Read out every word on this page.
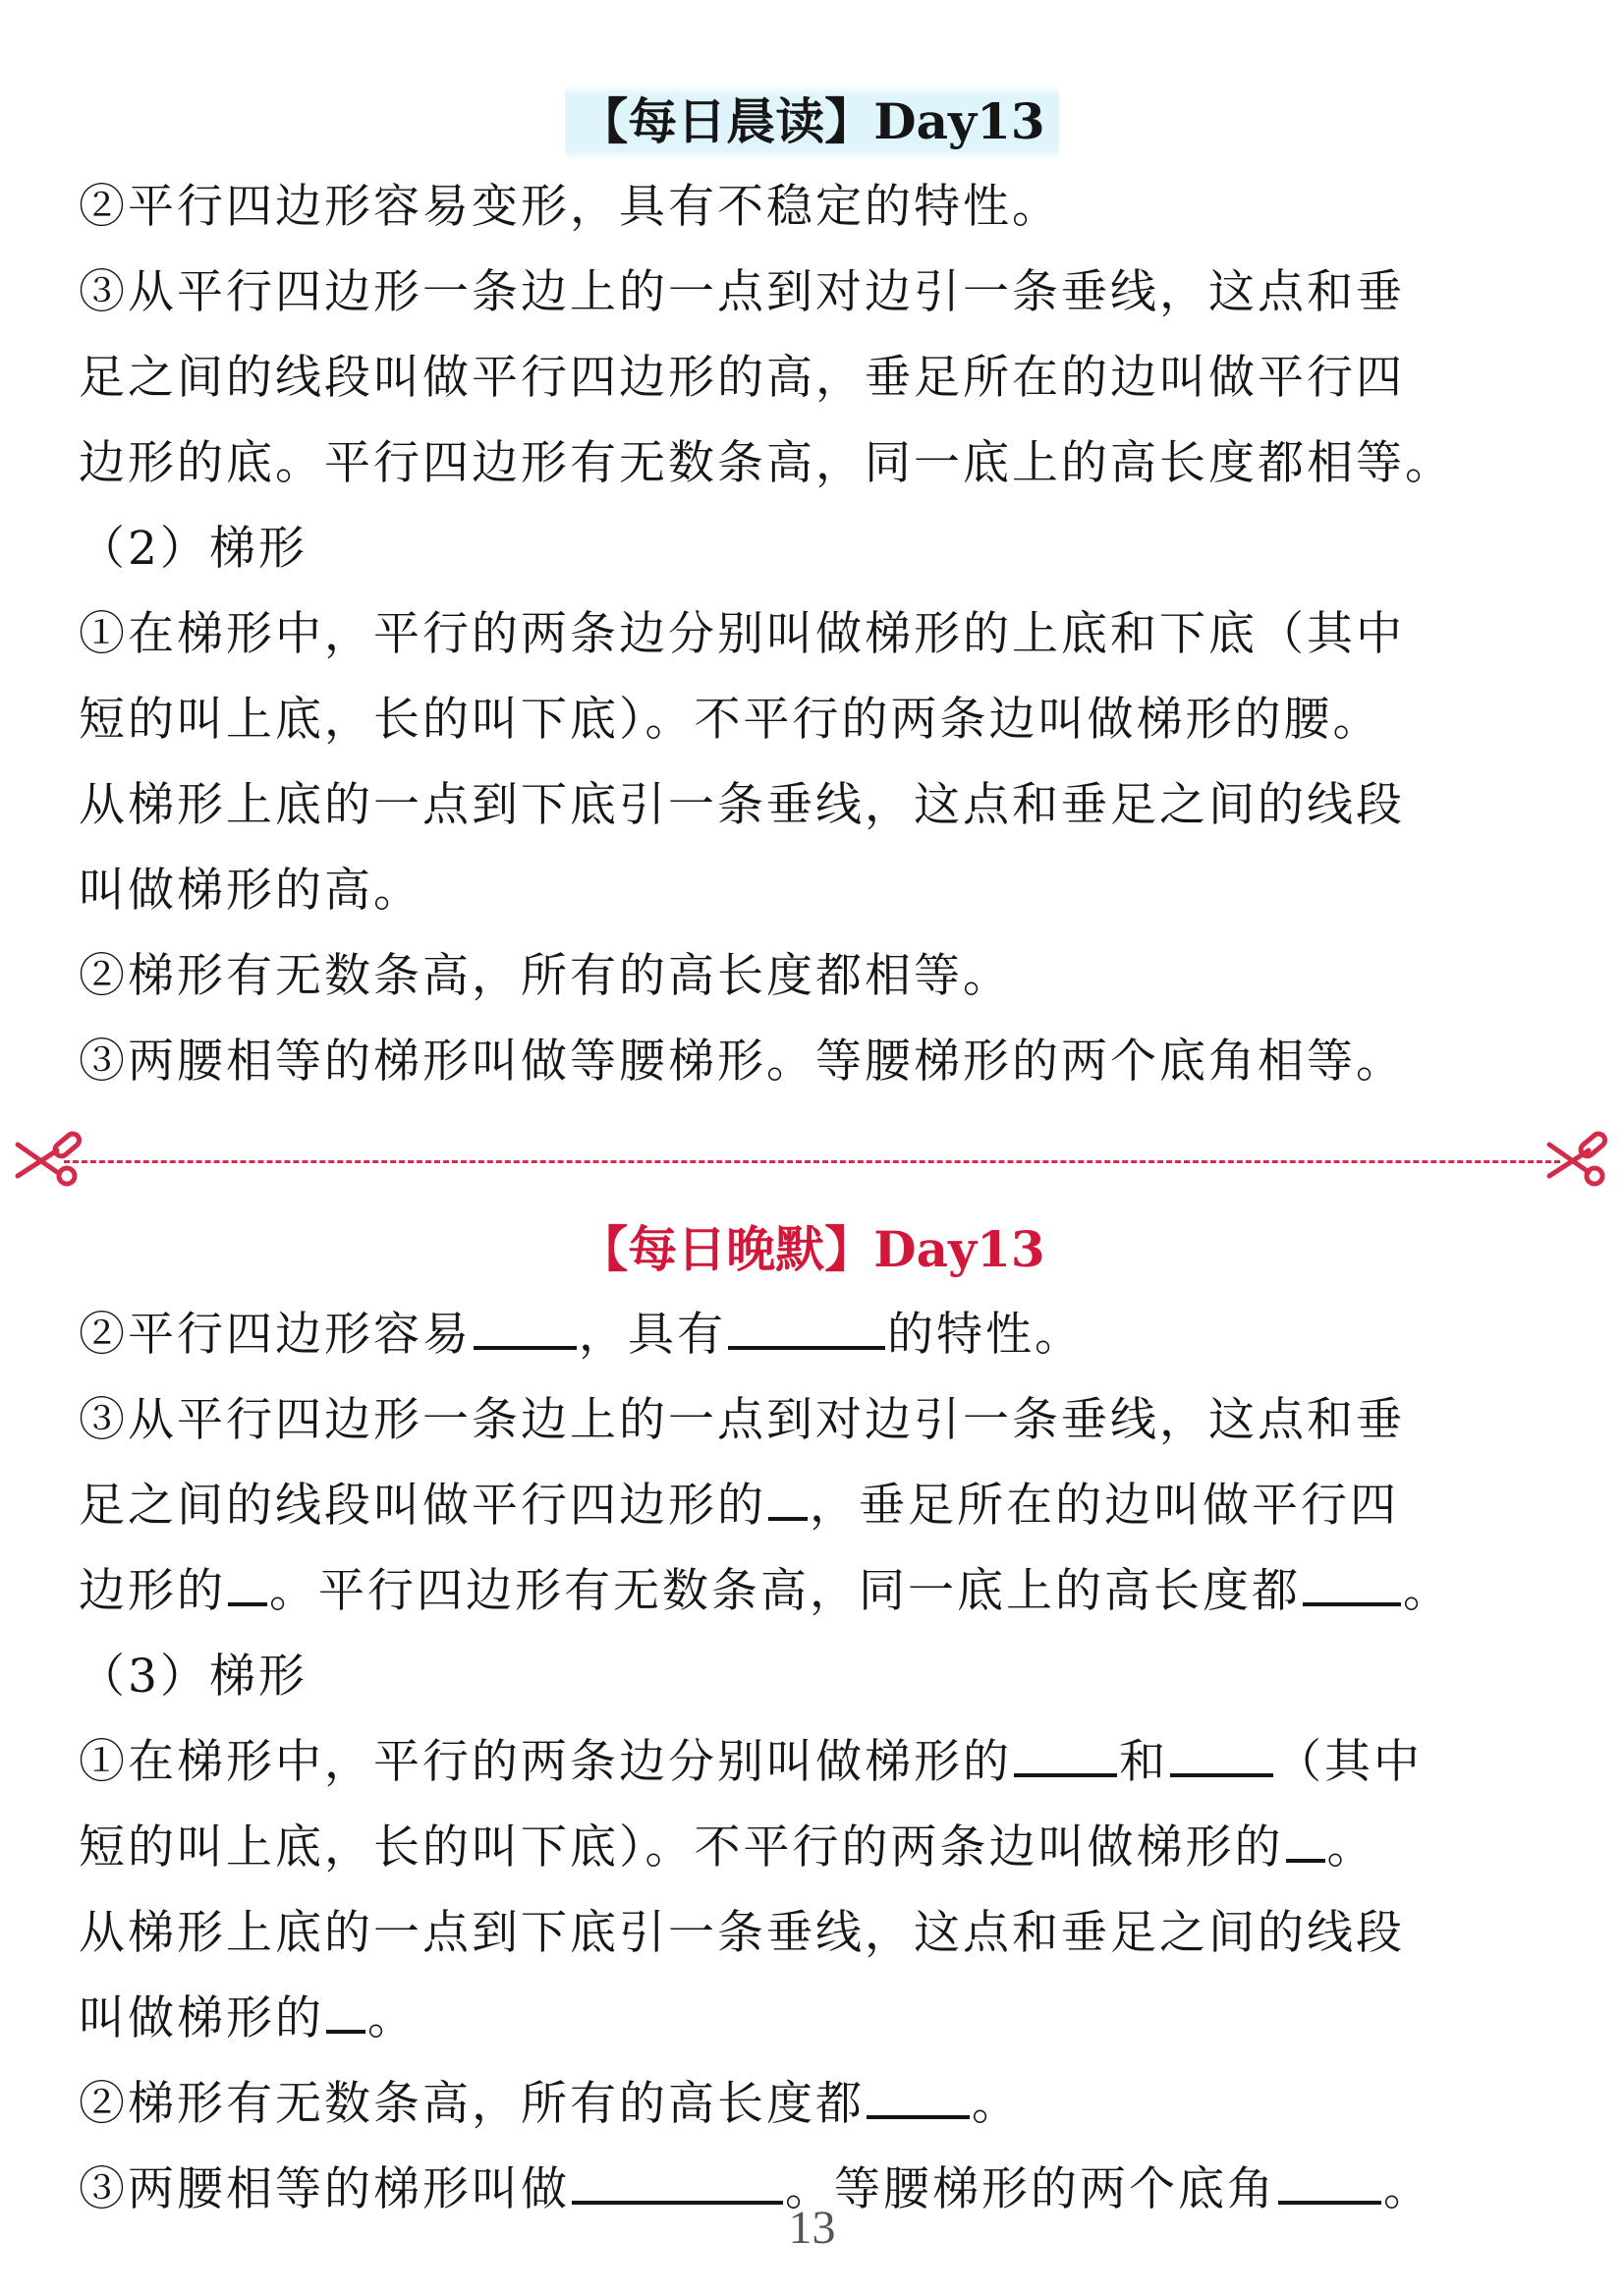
【每日晨读】Day13
②平行四边形容易变形，具有不稳定的特性。
③从平行四边形一条边上的一点到对边引一条垂线，这点和垂
足之间的线段叫做平行四边形的高，垂足所在的边叫做平行四
边形的底。平行四边形有无数条高，同一底上的高长度都相等。
（2）梯形
①在梯形中，平行的两条边分别叫做梯形的上底和下底（其中
短的叫上底，长的叫下底）。不平行的两条边叫做梯形的腰。
从梯形上底的一点到下底引一条垂线，这点和垂足之间的线段
叫做梯形的高。
②梯形有无数条高，所有的高长度都相等。
③两腰相等的梯形叫做等腰梯形。等腰梯形的两个底角相等。
【每日晚默】Day13
②平行四边形容易 ，具有	的特性。
③从平行四边形一条边上的一点到对边引一条垂线，这点和垂
足之间的线段叫做平行四边形的 ，垂足所在的边叫做平行四
边形的 。平行四边形有无数条高，同一底上的高长度都 。
（3）梯形
①在梯形中，平行的两条边分别叫做梯形的 和 （其中
短的叫上底，长的叫下底）。不平行的两条边叫做梯形的 。
从梯形上底的一点到下底引一条垂线，这点和垂足之间的线段
叫做梯形的 。
②梯形有无数条高，所有的高长度都 。
③两腰相等的梯形叫做	。等腰梯形的两个底角 。
13
